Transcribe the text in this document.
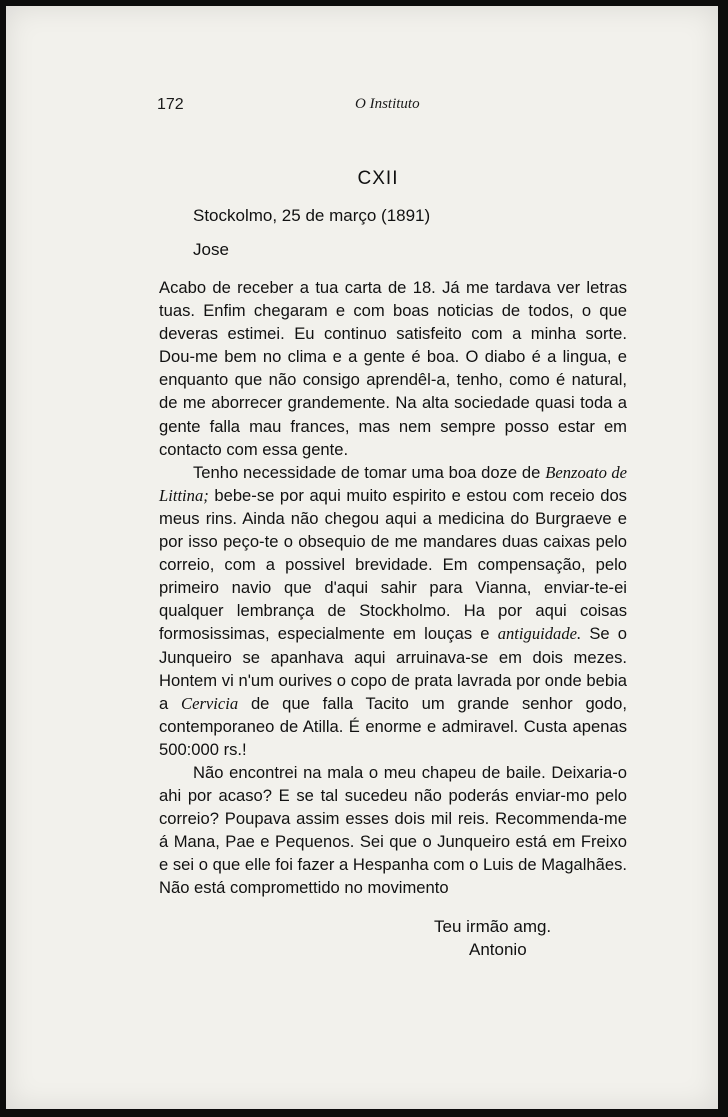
172	O Instituto
CXII
Stockolmo, 25 de março (1891)
Jose

Acabo de receber a tua carta de 18. Já me tardava ver letras tuas. Enfim chegaram e com boas noticias de todos, o que deveras estimei. Eu continuo satisfeito com a minha sorte. Dou-me bem no clima e a gente é boa. O diabo é a lingua, e enquanto que não consigo aprendêl-a, tenho, como é natural, de me aborrecer grandemente. Na alta sociedade quasi toda a gente falla mau frances, mas nem sempre posso estar em contacto com essa gente.

Tenho necessidade de tomar uma boa doze de Benzoato de Littina; bebe-se por aqui muito espirito e estou com receio dos meus rins. Ainda não chegou aqui a medicina do Burgraeve e por isso peço-te o obsequio de me mandares duas caixas pelo correio, com a possivel brevidade. Em compensação, pelo primeiro navio que d'aqui sahir para Vianna, enviar-te-ei qualquer lembrança de Stockholmo. Ha por aqui coisas formosissimas, especialmente em louças e antiguidade. Se o Junqueiro se apanhava aqui arruinava-se em dois mezes. Hontem vi n'um ourives o copo de prata lavrada por onde bebia a Cervicia de que falla Tacito um grande senhor godo, contemporaneo de Atilla. É enorme e admiravel. Custa apenas 500:000 rs.!

Não encontrei na mala o meu chapeu de baile. Deixaria-o ahi por acaso? E se tal sucedeu não poderás enviar-mo pelo correio? Poupava assim esses dois mil reis. Recommenda-me á Mana, Pae e Pequenos. Sei que o Junqueiro está em Freixo e sei o que elle foi fazer a Hespanha com o Luis de Magalhães. Não está compromettido no movimento

Teu irmão amg.
Antonio
